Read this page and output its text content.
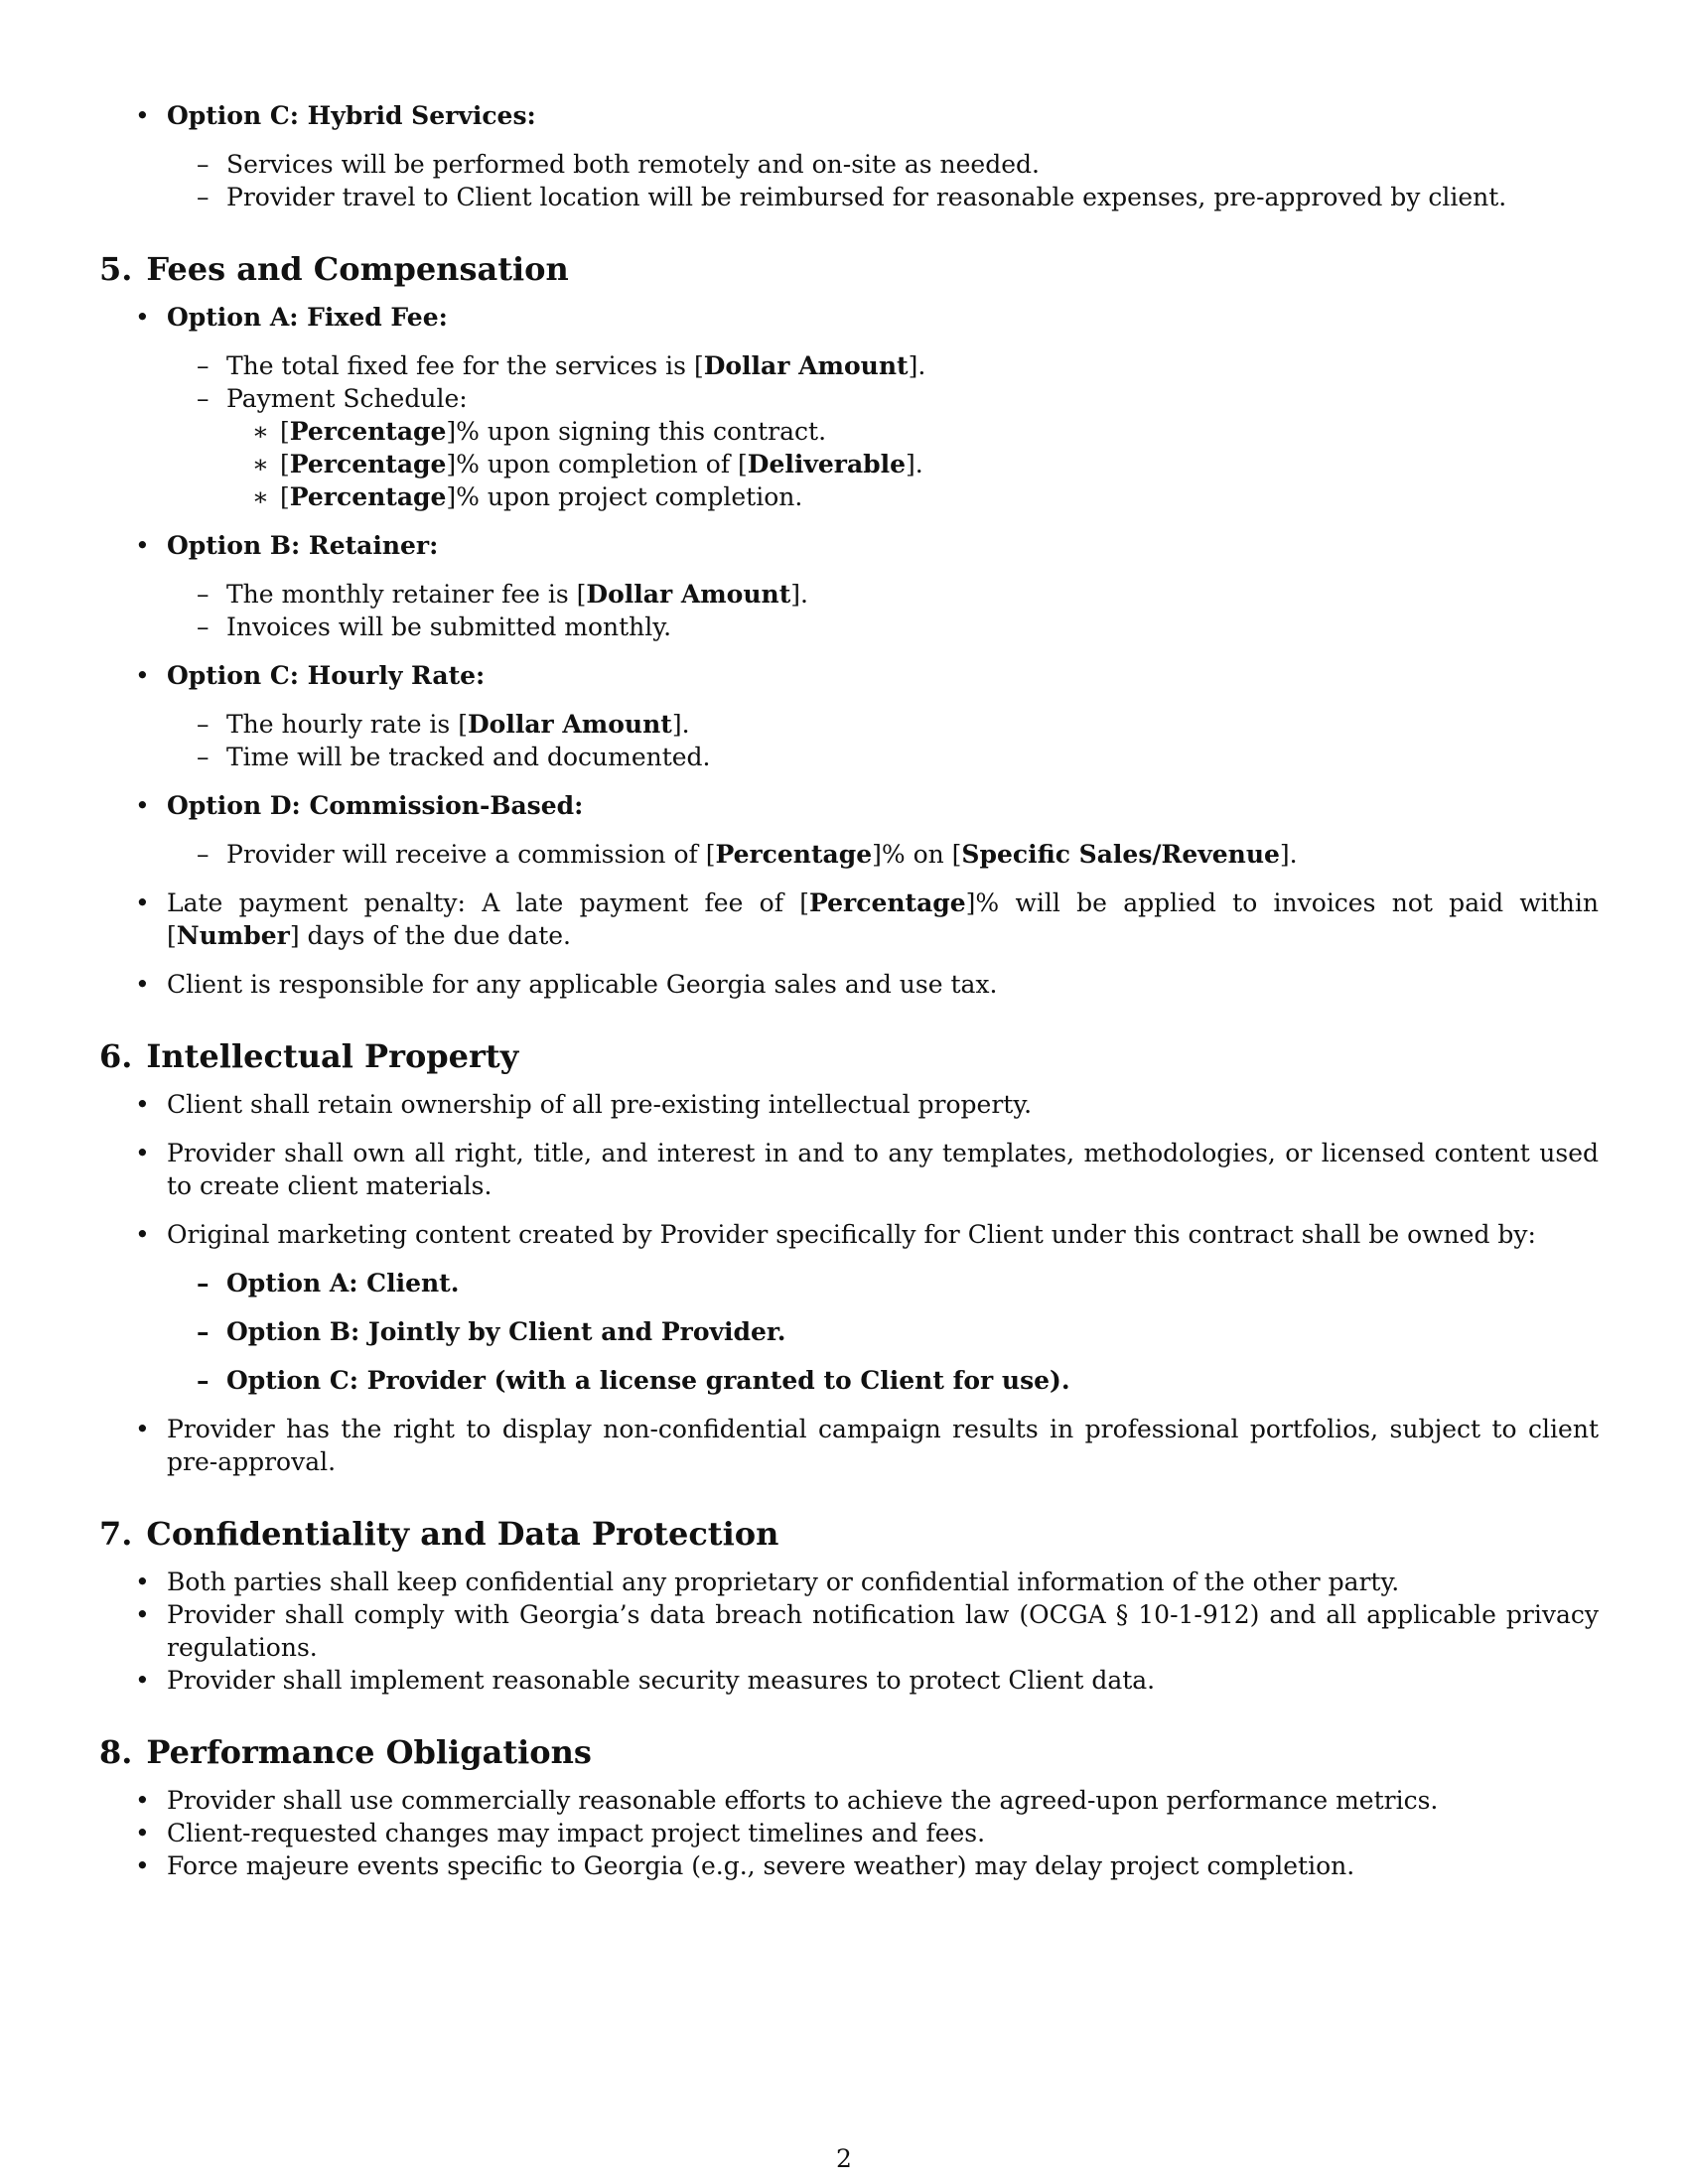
• Option C: Hybrid Services:
– Services will be performed both remotely and on-site as needed.
– Provider travel to Client location will be reimbursed for reasonable expenses, pre-approved by client.
5. Fees and Compensation
• Option A: Fixed Fee:
– The total fixed fee for the services is [Dollar Amount].
– Payment Schedule:
∗ [Percentage]% upon signing this contract.
∗ [Percentage]% upon completion of [Deliverable].
∗ [Percentage]% upon project completion.
• Option B: Retainer:
– The monthly retainer fee is [Dollar Amount].
– Invoices will be submitted monthly.
• Option C: Hourly Rate:
– The hourly rate is [Dollar Amount].
– Time will be tracked and documented.
• Option D: Commission-Based:
– Provider will receive a commission of [Percentage]% on [Specific Sales/Revenue].
• Late payment penalty: A late payment fee of [Percentage]% will be applied to invoices not paid within [Number] days of the due date.
• Client is responsible for any applicable Georgia sales and use tax.
6. Intellectual Property
• Client shall retain ownership of all pre-existing intellectual property.
• Provider shall own all right, title, and interest in and to any templates, methodologies, or licensed content used to create client materials.
• Original marketing content created by Provider specifically for Client under this contract shall be owned by:
– Option A: Client.
– Option B: Jointly by Client and Provider.
– Option C: Provider (with a license granted to Client for use).
• Provider has the right to display non-confidential campaign results in professional portfolios, subject to client pre-approval.
7. Confidentiality and Data Protection
• Both parties shall keep confidential any proprietary or confidential information of the other party.
• Provider shall comply with Georgia’s data breach notification law (OCGA § 10-1-912) and all applicable privacy regulations.
• Provider shall implement reasonable security measures to protect Client data.
8. Performance Obligations
• Provider shall use commercially reasonable efforts to achieve the agreed-upon performance metrics.
• Client-requested changes may impact project timelines and fees.
• Force majeure events specific to Georgia (e.g., severe weather) may delay project completion.
2
